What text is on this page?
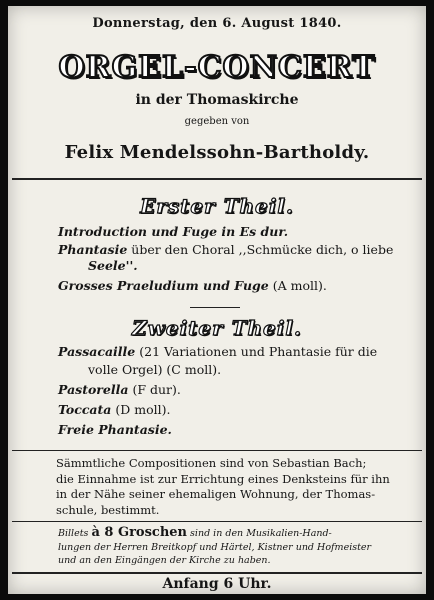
Donnerstag, den 6. August 1840.
ORGEL-CONCERT
in der Thomaskirche
gegeben von
Felix Mendelssohn-Bartholdy.
Erster Theil.
Introduction und Fuge in Es dur.
Phantasie über den Choral ,,Schmücke dich, o liebe
Seele''.
Grosses Praeludium und Fuge (A moll).
Zweiter Theil.
Passacaille (21 Variationen und Phantasie für die
volle Orgel) (C moll).
Pastorella (F dur).
Toccata (D moll).
Freie Phantasie.
Sämmtliche Compositionen sind von Sebastian Bach;
die Einnahme ist zur Errichtung eines Denksteins für ihn
in der Nähe seiner ehemaligen Wohnung, der Thomas-
schule, bestimmt.
Billets à 8 Groschen sind in den Musikalien-Hand-
lungen der Herren Breitkopf und Härtel, Kistner und Hofmeister
und an den Eingängen der Kirche zu haben.
Anfang 6 Uhr.
